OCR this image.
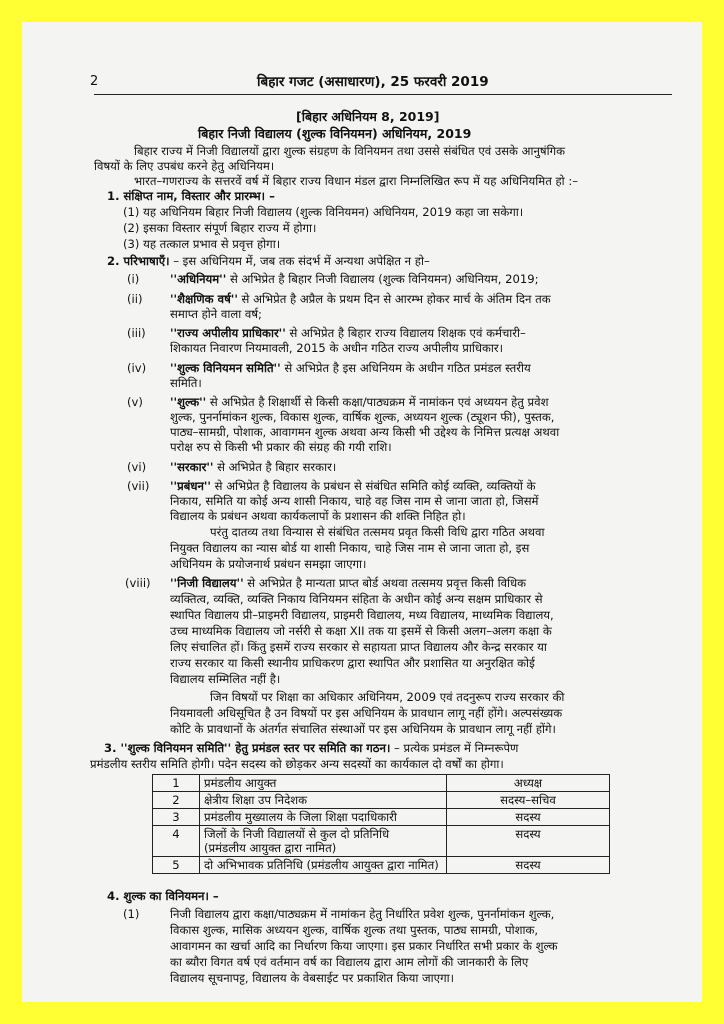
2	बिहार गजट (असाधारण), 25 फरवरी 2019
[बिहार अधिनियम 8, 2019]
बिहार निजी विद्यालय (शुल्क विनियमन) अधिनियम, 2019
बिहार राज्य में निजी विद्यालयों द्वारा शुल्क संग्रहण के विनियमन तथा उससे संबंधित एवं उसके आनुषंगिक
विषयों के लिए उपबंध करने हेतु अधिनियम।
भारत–गणराज्य के सत्तरवें वर्ष में बिहार राज्य विधान मंडल द्वारा निम्नलिखित रूप में यह अधिनियमित हो :–
1. संक्षिप्त नाम, विस्तार और प्रारम्भ। –
(1) यह अधिनियम बिहार निजी विद्यालय (शुल्क विनियमन) अधिनियम, 2019 कहा जा सकेगा।
(2) इसका विस्तार संपूर्ण बिहार राज्य में होगा।
(3) यह तत्काल प्रभाव से प्रवृत्त होगा।
2. परिभाषाएँ। – इस अधिनियम में, जब तक संदर्भ में अन्यथा अपेक्षित न हो–
(i)	''अधिनियम'' से अभिप्रेत है बिहार निजी विद्यालय (शुल्क विनियमन) अधिनियम, 2019;
(ii) ''शैक्षणिक वर्ष'' से अभिप्रेत है अप्रैल के प्रथम दिन से आरम्भ होकर मार्च के अंतिम दिन तक
समाप्त होने वाला वर्ष;
(iii) ''राज्य अपीलीय प्राधिकार'' से अभिप्रेत है बिहार राज्य विद्यालय शिक्षक एवं कर्मचारी–
शिकायत निवारण नियमावली, 2015 के अधीन गठित राज्य अपीलीय प्राधिकार।
(iv) ''शुल्क विनियमन समिति'' से अभिप्रेत है इस अधिनियम के अधीन गठित प्रमंडल स्तरीय
समिति।
(v) ''शुल्क'' से अभिप्रेत है शिक्षार्थी से किसी कक्षा/पाठ्यक्रम में नामांकन एवं अध्ययन हेतु प्रवेश
शुल्क, पुनर्नामांकन शुल्क, विकास शुल्क, वार्षिक शुल्क, अध्ययन शुल्क (ट्यूशन फी), पुस्तक,
पाठ्य–सामग्री, पोशाक, आवागमन शुल्क अथवा अन्य किसी भी उद्देश्य के निमित्त प्रत्यक्ष अथवा
परोक्ष रुप से किसी भी प्रकार की संग्रह की गयी राशि।
(vi) ''सरकार'' से अभिप्रेत है बिहार सरकार।
(vii) ''प्रबंधन'' से अभिप्रेत है विद्यालय के प्रबंधन से संबंधित समिति कोई व्यक्ति, व्यक्तियों के
निकाय, समिति या कोई अन्य शासी निकाय, चाहे वह जिस नाम से जाना जाता हो, जिसमें
विद्यालय के प्रबंधन अथवा कार्यकलापों के प्रशासन की शक्ति निहित हो।
परंतु दातव्य तथा विन्यास से संबंधित तत्समय प्रवृत किसी विधि द्वारा गठित अथवा
नियुक्त विद्यालय का न्यास बोर्ड या शासी निकाय, चाहे जिस नाम से जाना जाता हो, इस
अधिनियम के प्रयोजनार्थ प्रबंधन समझा जाएगा।
(viii) ''निजी विद्यालय'' से अभिप्रेत है मान्यता प्राप्त बोर्ड अथवा तत्समय प्रवृत्त किसी विधिक
व्यक्तित्व, व्यक्ति, व्यक्ति निकाय विनियमन संहिता के अधीन कोई अन्य सक्षम प्राधिकार से
स्थापित विद्यालय प्री–प्राइमरी विद्यालय, प्राइमरी विद्यालय, मध्य विद्यालय, माध्यमिक विद्यालय,
उच्च माध्यमिक विद्यालय जो नर्सरी से कक्षा XII तक या इसमें से किसी अलग–अलग कक्षा के
लिए संचालित हों। किंतु इसमें राज्य सरकार से सहायता प्राप्त विद्यालय और केन्द्र सरकार या
राज्य सरकार या किसी स्थानीय प्राधिकरण द्वारा स्थापित और प्रशासित या अनुरक्षित कोई
विद्यालय सम्मिलित नहीं है।
जिन विषयों पर शिक्षा का अधिकार अधिनियम, 2009 एवं तदनुरूप राज्य सरकार की
नियमावली अधिसूचित है उन विषयों पर इस अधिनियम के प्रावधान लागू नहीं होंगे। अल्पसंख्यक
कोटि के प्रावधानों के अंतर्गत संचालित संस्थाओं पर इस अधिनियम के प्रावधान लागू नहीं होंगे।
3. ''शुल्क विनियमन समिति'' हेतु प्रमंडल स्तर पर समिति का गठन। – प्रत्येक प्रमंडल में निम्नरूपेण
प्रमंडलीय स्तरीय समिति होगी। पदेन सदस्य को छोड़कर अन्य सदस्यों का कार्यकाल दो वर्षों का होगा।
1	प्रमंडलीय आयुक्त	अध्यक्ष
2	क्षेत्रीय शिक्षा उप निदेशक	सदस्य–सचिव
3	प्रमंडलीय मुख्यालय के जिला शिक्षा पदाधिकारी	सदस्य
4	जिलों के निजी विद्यालयों से कुल दो प्रतिनिधि
(प्रमंडलीय आयुक्त द्वारा नामित)	सदस्य
5	दो अभिभावक प्रतिनिधि (प्रमंडलीय आयुक्त द्वारा नामित)	सदस्य
4. शुल्क का विनियमन। –
(1)	निजी विद्यालय द्वारा कक्षा/पाठ्यक्रम में नामांकन हेतु निर्धारित प्रवेश शुल्क, पुनर्नामांकन शुल्क,
विकास शुल्क, मासिक अध्ययन शुल्क, वार्षिक शुल्क तथा पुस्तक, पाठ्य सामग्री, पोशाक,
आवागमन का खर्चा आदि का निर्धारण किया जाएगा। इस प्रकार निर्धारित सभी प्रकार के शुल्क
का ब्यौरा विगत वर्ष एवं वर्तमान वर्ष का विद्यालय द्वारा आम लोगों की जानकारी के लिए
विद्यालय सूचनापट्ट, विद्यालय के वेबसाईट पर प्रकाशित किया जाएगा।
